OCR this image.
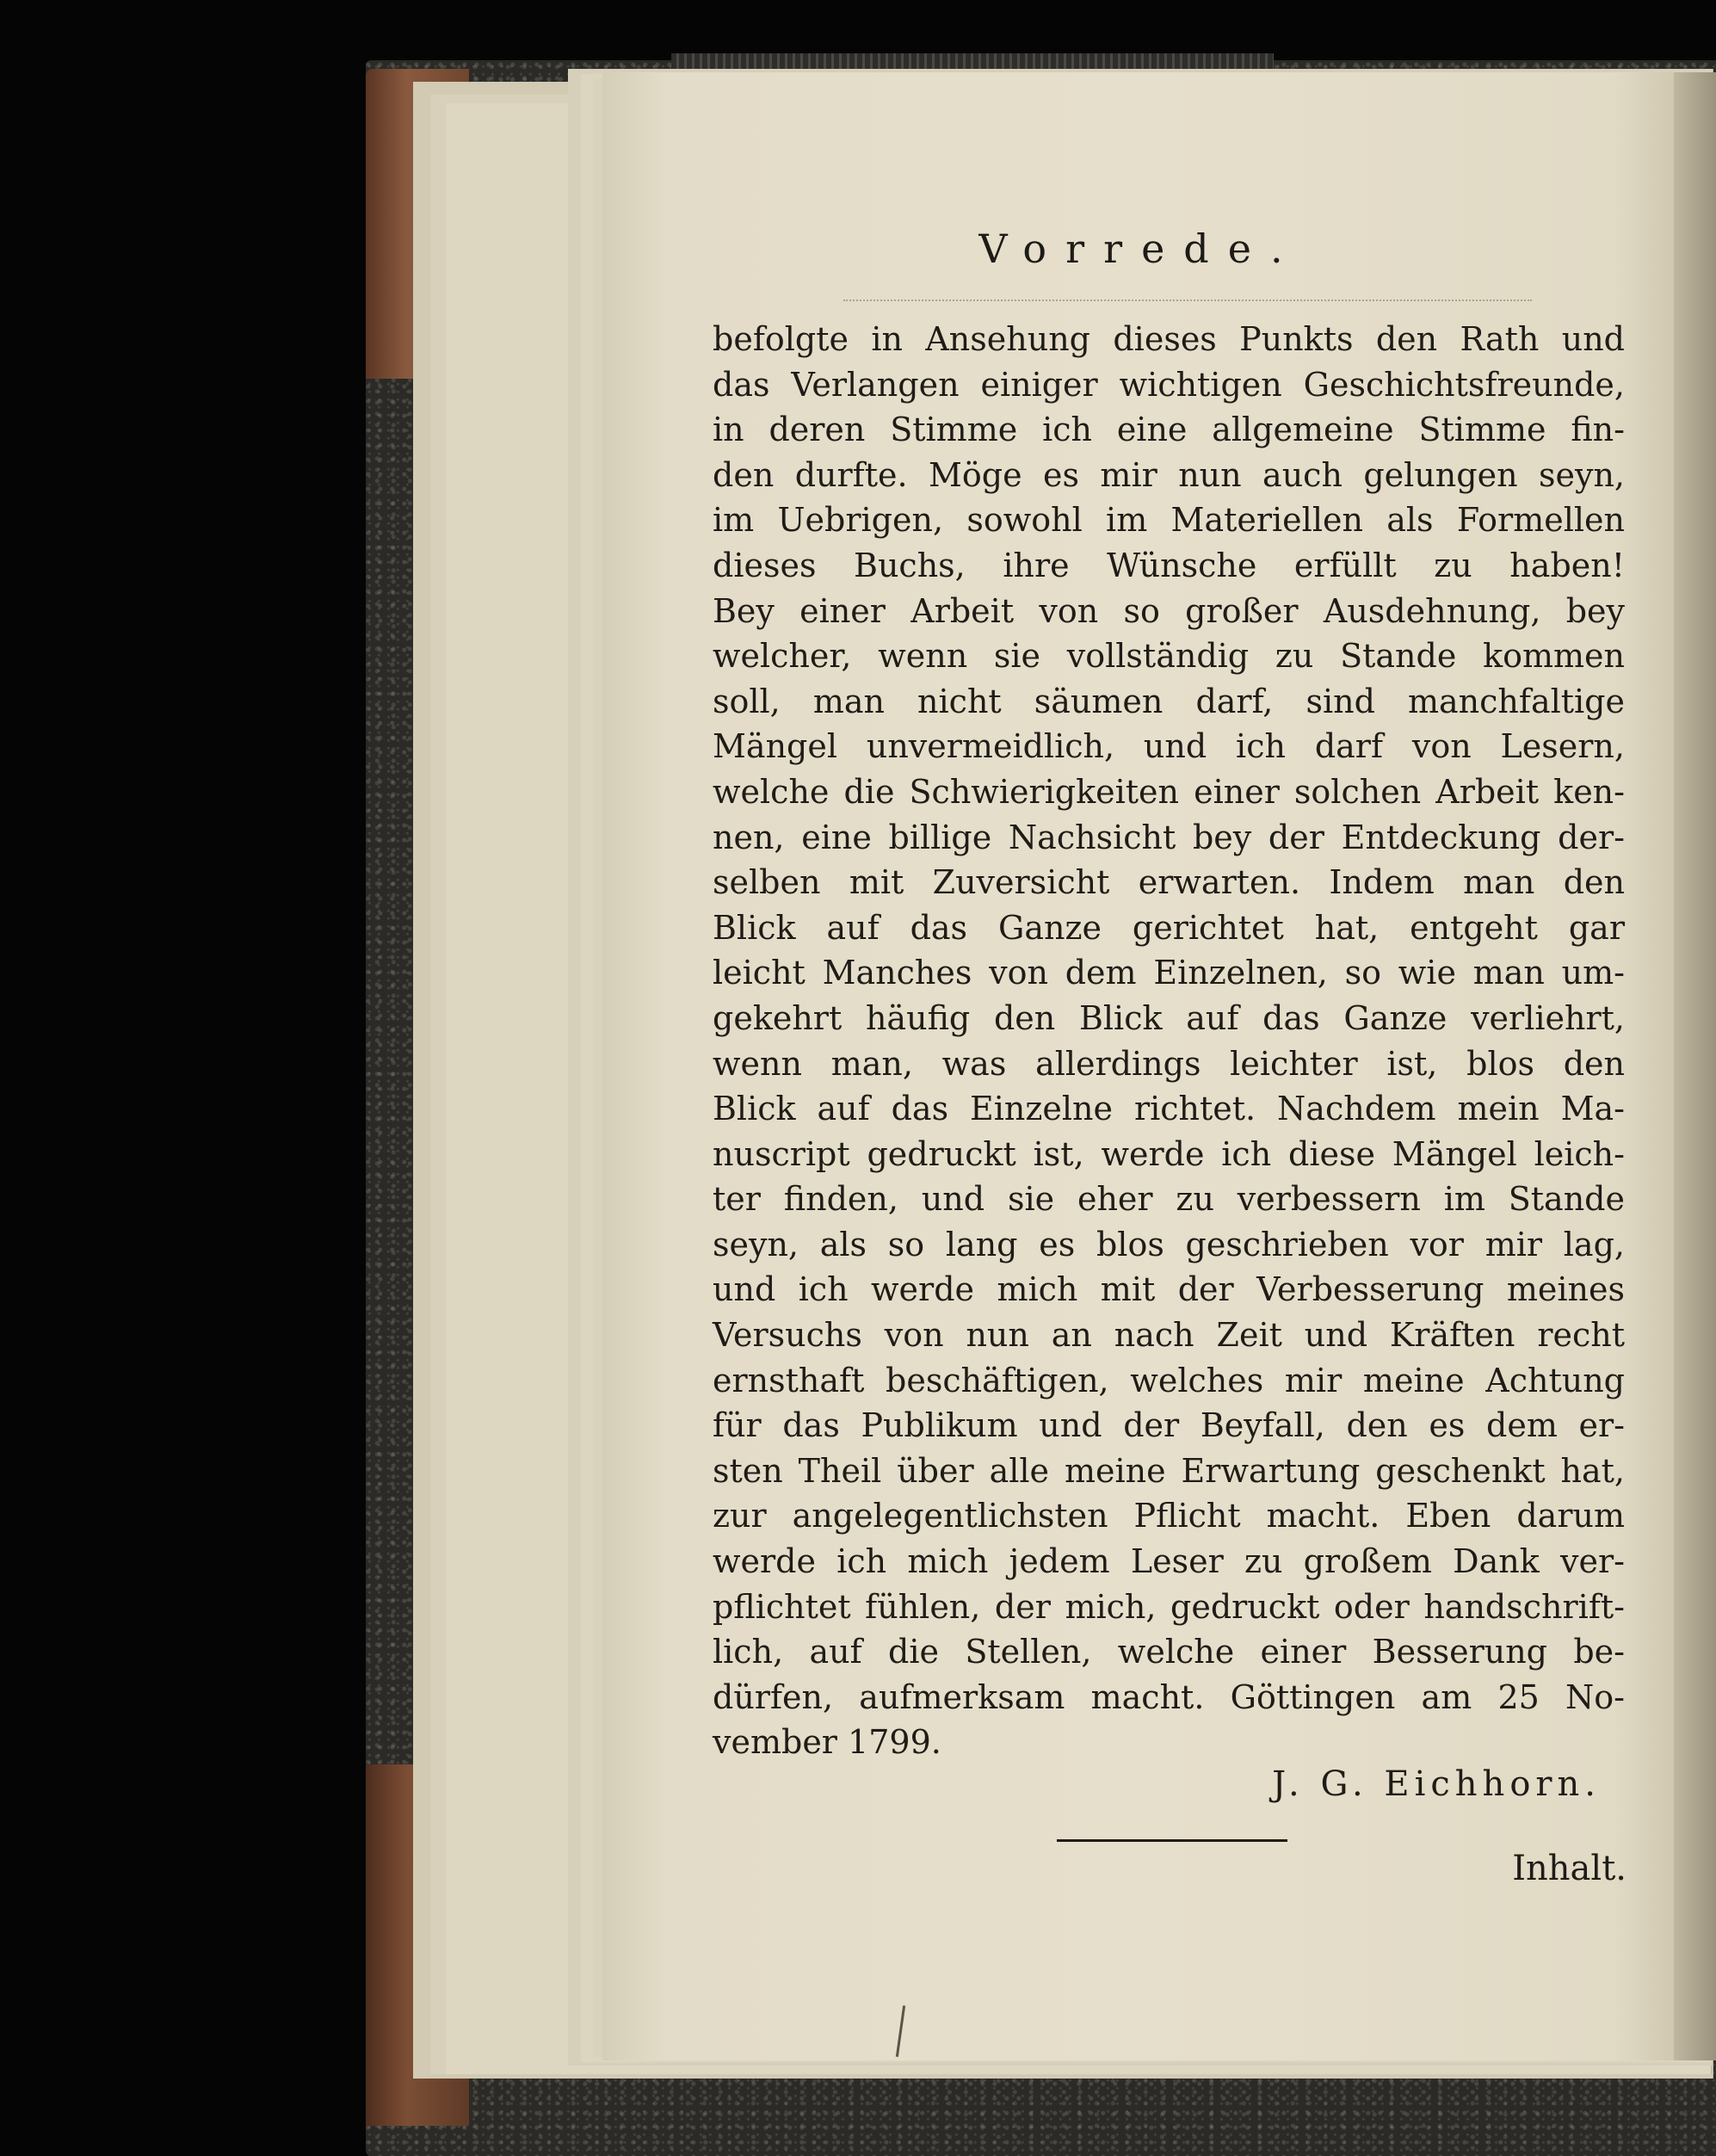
Vorrede.
befolgte in Ansehung dieses Punkts den Rath und
das Verlangen einiger wichtigen Geschichtsfreunde,
in deren Stimme ich eine allgemeine Stimme fin-
den durfte. Möge es mir nun auch gelungen seyn,
im Uebrigen, sowohl im Materiellen als Formellen
dieses Buchs, ihre Wünsche erfüllt zu haben!
Bey einer Arbeit von so großer Ausdehnung, bey
welcher, wenn sie vollständig zu Stande kommen
soll, man nicht säumen darf, sind manchfaltige
Mängel unvermeidlich, und ich darf von Lesern,
welche die Schwierigkeiten einer solchen Arbeit ken-
nen, eine billige Nachsicht bey der Entdeckung der-
selben mit Zuversicht erwarten. Indem man den
Blick auf das Ganze gerichtet hat, entgeht gar
leicht Manches von dem Einzelnen, so wie man um-
gekehrt häufig den Blick auf das Ganze verliehrt,
wenn man, was allerdings leichter ist, blos den
Blick auf das Einzelne richtet. Nachdem mein Ma-
nuscript gedruckt ist, werde ich diese Mängel leich-
ter finden, und sie eher zu verbessern im Stande
seyn, als so lang es blos geschrieben vor mir lag,
und ich werde mich mit der Verbesserung meines
Versuchs von nun an nach Zeit und Kräften recht
ernsthaft beschäftigen, welches mir meine Achtung
für das Publikum und der Beyfall, den es dem er-
sten Theil über alle meine Erwartung geschenkt hat,
zur angelegentlichsten Pflicht macht. Eben darum
werde ich mich jedem Leser zu großem Dank ver-
pflichtet fühlen, der mich, gedruckt oder handschrift-
lich, auf die Stellen, welche einer Besserung be-
dürfen, aufmerksam macht. Göttingen am 25 No-
vember 1799.
J. G. Eichhorn.
Inhalt.
